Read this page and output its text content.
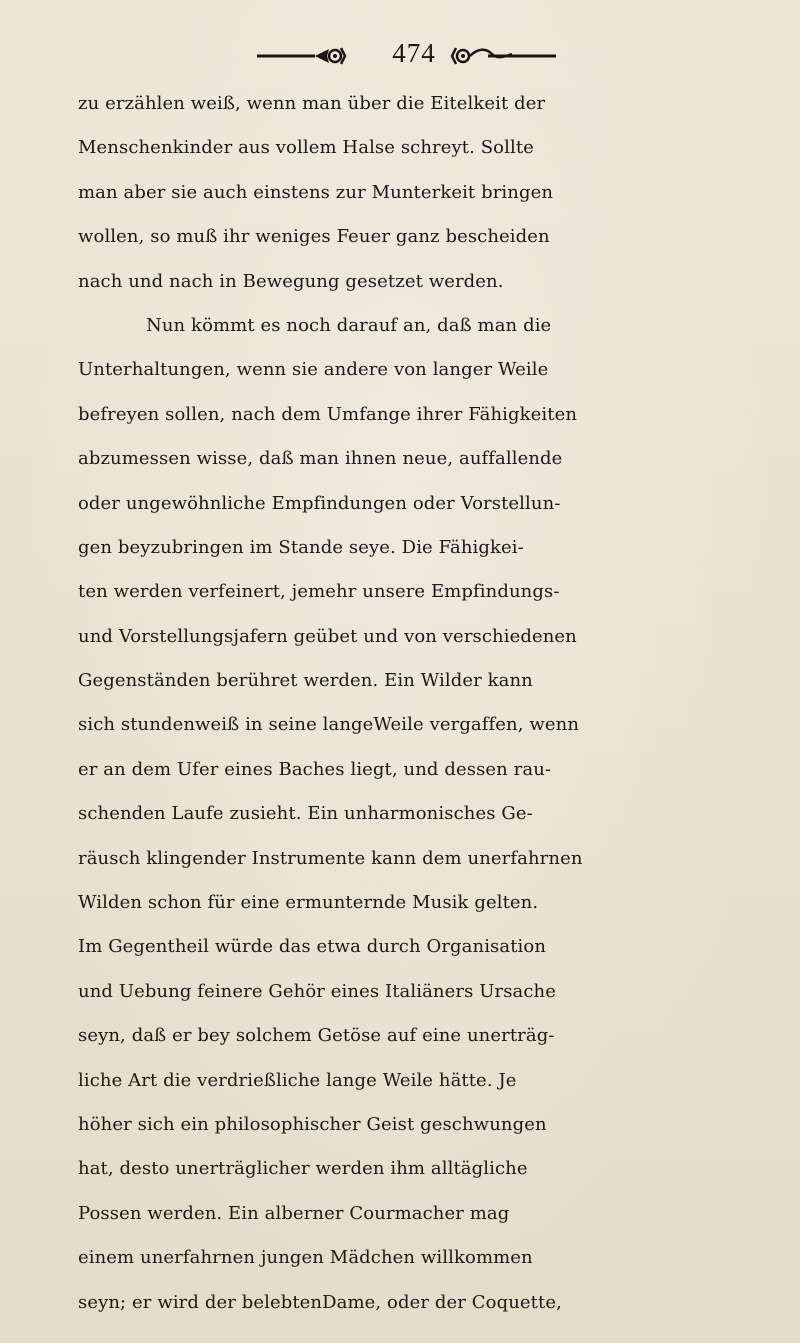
474
zu erzählen weiß, wenn man über die Eitelkeit der
Menschenkinder aus vollem Halse schreyt. Sollte
man aber sie auch einstens zur Munterkeit bringen
wollen, so muß ihr weniges Feuer ganz bescheiden
nach und nach in Bewegung gesetzet werden.
Nun kömmt es noch darauf an, daß man die
Unterhaltungen, wenn sie andere von langer Weile
befreyen sollen, nach dem Umfange ihrer Fähigkeiten
abzumessen wisse, daß man ihnen neue, auffallende
oder ungewöhnliche Empfindungen oder Vorstellun-
gen beyzubringen im Stande seye. Die Fähigkei-
ten werden verfeinert, jemehr unsere Empfindungs-
und Vorstellungsjafern geübet und von verschiedenen
Gegenständen berühret werden. Ein Wilder kann
sich stundenweiß in seine langeWeile vergaffen, wenn
er an dem Ufer eines Baches liegt, und dessen rau-
schenden Laufe zusieht. Ein unharmonisches Ge-
räusch klingender Instrumente kann dem unerfahrnen
Wilden schon für eine ermunternde Musik gelten.
Im Gegentheil würde das etwa durch Organisation
und Uebung feinere Gehör eines Italiäners Ursache
seyn, daß er bey solchem Getöse auf eine unerträg-
liche Art die verdrießliche lange Weile hätte. Je
höher sich ein philosophischer Geist geschwungen
hat, desto unerträglicher werden ihm alltägliche
Possen werden. Ein alberner Courmacher mag
einem unerfahrnen jungen Mädchen willkommen
seyn; er wird der belebtenDame, oder der Coquette,
